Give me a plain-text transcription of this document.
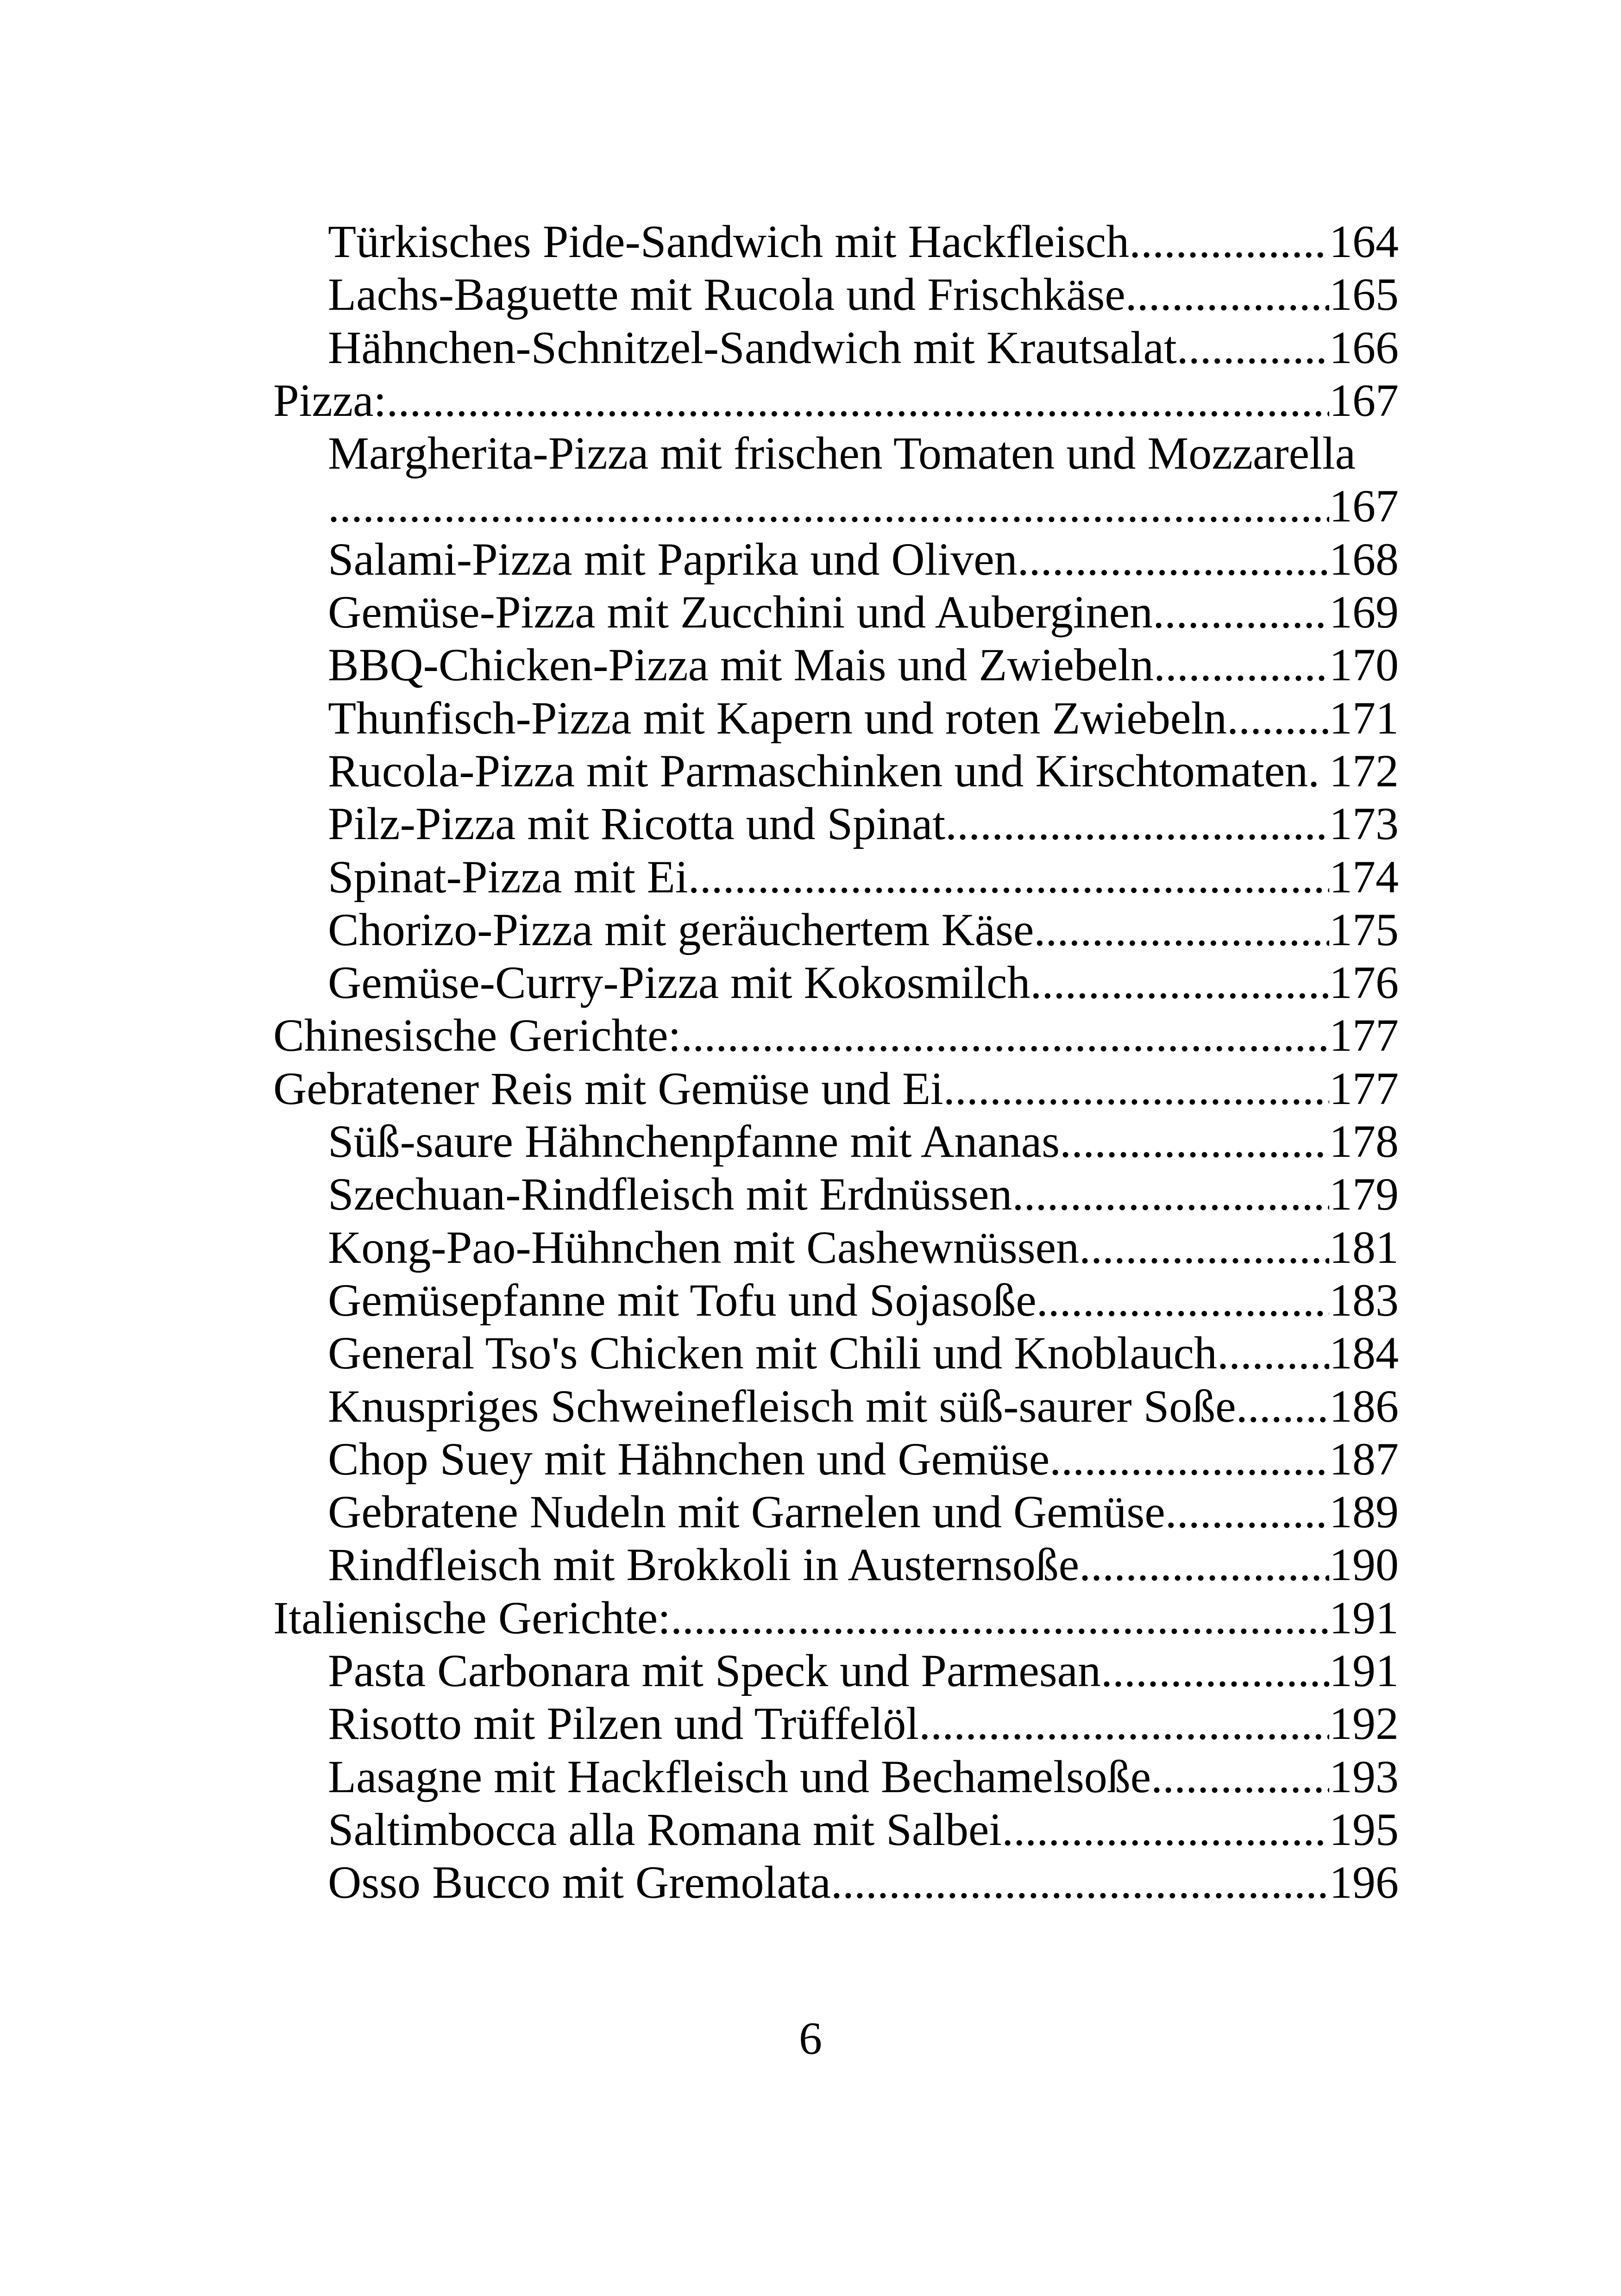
Türkisches Pide-Sandwich mit Hackfleisch .....	164
Lachs-Baguette mit Rucola und Frischkäse .....	165
Hähnchen-Schnitzel-Sandwich mit Krautsalat .....	166
Pizza: .....	167
Margherita-Pizza mit frischen Tomaten und Mozzarella
.....
167
Salami-Pizza mit Paprika und Oliven .....	168
Gemüse-Pizza mit Zucchini und Auberginen .....	169
BBQ-Chicken-Pizza mit Mais und Zwiebeln .....	170
Thunfisch-Pizza mit Kapern und roten Zwiebeln ..... 171
Rucola-Pizza mit Parmaschinken und Kirschtomaten. 172
Pilz-Pizza mit Ricotta und Spinat .....	173
Spinat-Pizza mit Ei .....	174
Chorizo-Pizza mit geräuchertem Käse .....	175
Gemüse-Curry-Pizza mit Kokosmilch .....	176
Chinesische Gerichte: .....	177
Gebratener Reis mit Gemüse und Ei .....	177
Süß-saure Hähnchenpfanne mit Ananas .....	178
Szechuan-Rindfleisch mit Erdnüssen .....	179
Kong-Pao-Hühnchen mit Cashewnüssen .....	181
Gemüsepfanne mit Tofu und Sojasoße .....	183
General Tso's Chicken mit Chili und Knoblauch ..... 184
Knuspriges Schweinefleisch mit süß-saurer Soße ..... 186
Chop Suey mit Hähnchen und Gemüse .....	187
Gebratene Nudeln mit Garnelen und Gemüse .....	189
Rindfleisch mit Brokkoli in Austernsoße .....	190
Italienische Gerichte: .....	191
Pasta Carbonara mit Speck und Parmesan .....	191
Risotto mit Pilzen und Trüffelöl .....	192
Lasagne mit Hackfleisch und Bechamelsoße .....	193
Saltimbocca alla Romana mit Salbei .....	195
Osso Bucco mit Gremolata .....	196
6
